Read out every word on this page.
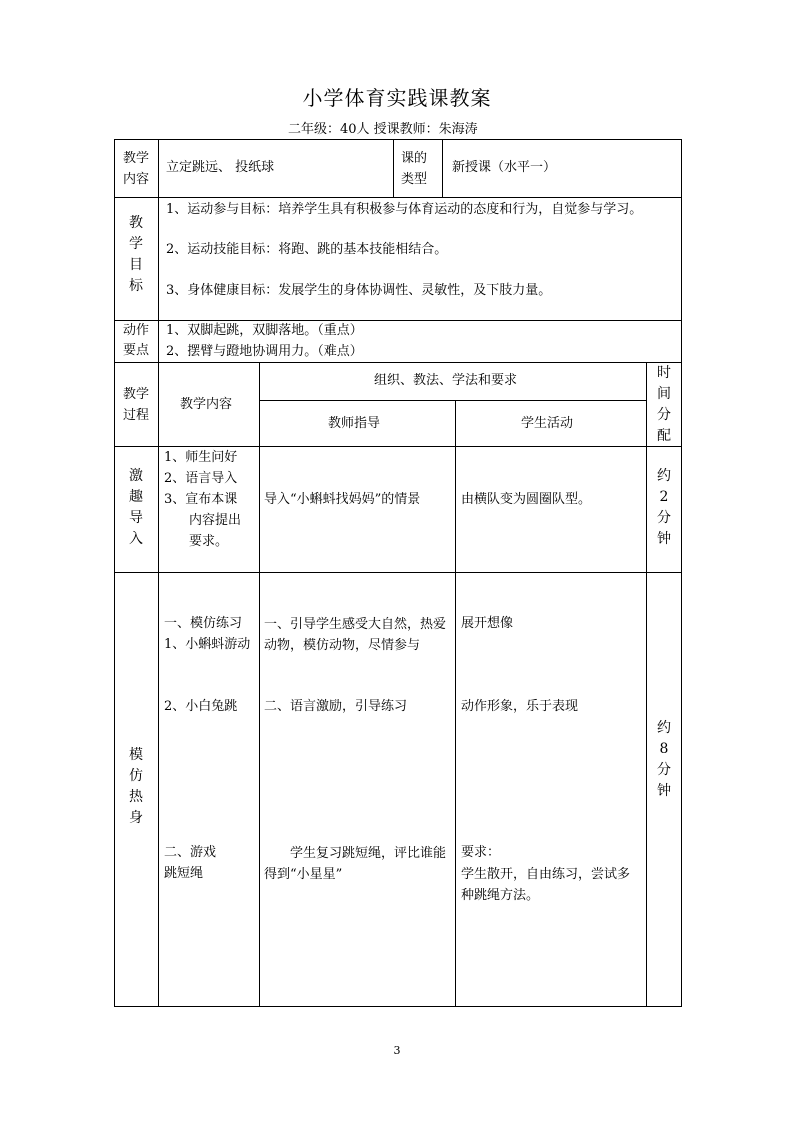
小学体育实践课教案
二年级：40人 授课教师：朱海涛
教学内容
立定跳远、 投纸球
课的类型
新授课（水平一）
教
学
目
标
1、运动参与目标：培养学生具有积极参与体育运动的态度和行为，自觉参与学习。
2、运动技能目标：将跑、跳的基本技能相结合。
3、身体健康目标：发展学生的身体协调性、灵敏性，及下肢力量。
动作要点
1、双脚起跳，双脚落地。（重点）
2、摆臂与蹬地协调用力。（难点）
教学过程
教学内容
组织、教法、学法和要求
教师指导	学生活动
时
间
分
配
激
趣
导
入
1、师生问好
2、语言导入
3、宣布本课
内容提出
要求。
导入“小蝌蚪找妈妈”的情景	由横队变为圆圈队型。
约
2
分
钟
模
仿
热
身
一、模仿练习
1、小蝌蚪游动
2、小白兔跳
二、游戏
跳短绳
一、引导学生感受大自然，热爱动物，模仿动物，尽情参与
二、语言激励，引导练习
学生复习跳短绳，评比谁能得到“小星星”
展开想像
动作形象，乐于表现
要求：
学生散开，自由练习，尝试多种跳绳方法。
约
8
分
钟
3
